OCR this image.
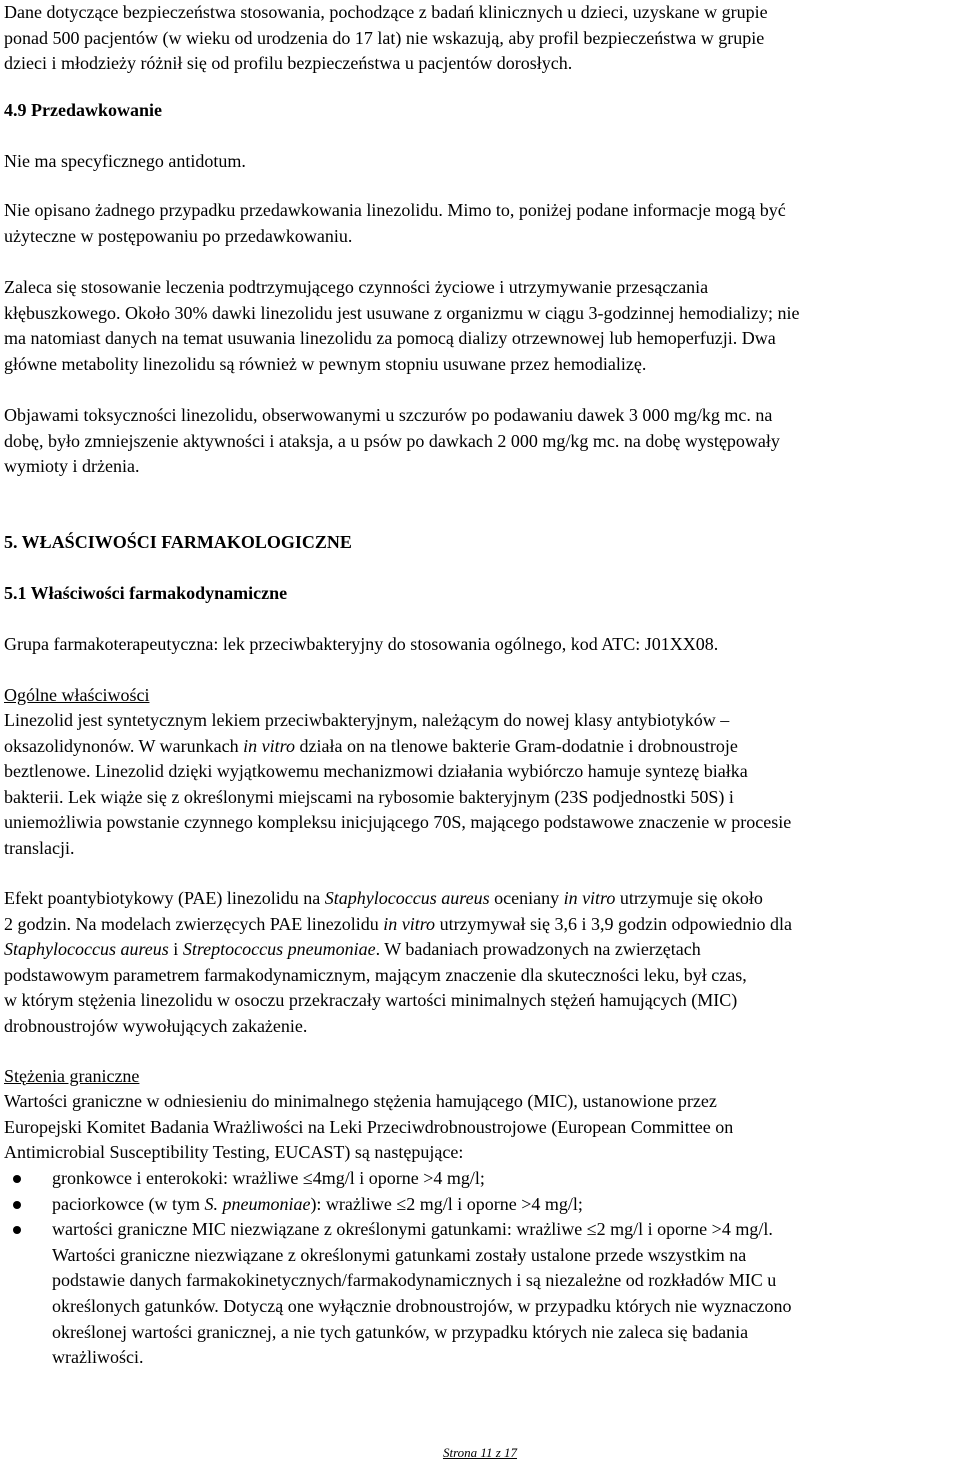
Dane dotyczące bezpieczeństwa stosowania, pochodzące z badań klinicznych u dzieci, uzyskane w grupie
ponad 500 pacjentów (w wieku od urodzenia do 17 lat) nie wskazują, aby profil bezpieczeństwa w grupie
dzieci i młodzieży różnił się od profilu bezpieczeństwa u pacjentów dorosłych.

4.9 Przedawkowanie

Nie ma specyficznego antidotum.

Nie opisano żadnego przypadku przedawkowania linezolidu. Mimo to, poniżej podane informacje mogą być
użyteczne w postępowaniu po przedawkowaniu.

Zaleca się stosowanie leczenia podtrzymującego czynności życiowe i utrzymywanie przesączania
kłębuszkowego. Około 30% dawki linezolidu jest usuwane z organizmu w ciągu 3-godzinnej hemodializy; nie
ma natomiast danych na temat usuwania linezolidu za pomocą dializy otrzewnowej lub hemoperfuzji. Dwa
główne metabolity linezolidu są również w pewnym stopniu usuwane przez hemodializę.

Objawami toksyczności linezolidu, obserwowanymi u szczurów po podawaniu dawek 3 000 mg/kg mc. na
dobę, było zmniejszenie aktywności i ataksja, a u psów po dawkach 2 000 mg/kg mc. na dobę występowały
wymioty i drżenia.

5. WŁAŚCIWOŚCI FARMAKOLOGICZNE

5.1 Właściwości farmakodynamiczne

Grupa farmakoterapeutyczna: lek przeciwbakteryjny do stosowania ogólnego, kod ATC: J01XX08.

Ogólne właściwości

Linezolid jest syntetycznym lekiem przeciwbakteryjnym, należącym do nowej klasy antybiotyków –
oksazolidynonów. W warunkach in vitro działa on na tlenowe bakterie Gram-dodatnie i drobnoustroje
beztlenowe. Linezolid dzięki wyjątkowemu mechanizmowi działania wybiórczo hamuje syntezę białka
bakterii. Lek wiąże się z określonymi miejscami na rybosomie bakteryjnym (23S podjednostki 50S) i
uniemożliwia powstanie czynnego kompleksu inicjującego 70S, mającego podstawowe znaczenie w procesie
translacji.

Efekt poantybiotykowy (PAE) linezolidu na Staphylococcus aureus oceniany in vitro utrzymuje się około
2 godzin. Na modelach zwierzęcych PAE linezolidu in vitro utrzymywał się 3,6 i 3,9 godzin odpowiednio dla
Staphylococcus aureus i Streptococcus pneumoniae. W badaniach prowadzonych na zwierzętach
podstawowym parametrem farmakodynamicznym, mającym znaczenie dla skuteczności leku, był czas,
w którym stężenia linezolidu w osoczu przekraczały wartości minimalnych stężeń hamujących (MIC)
drobnoustrojów wywołujących zakażenie.

Stężenia graniczne

Wartości graniczne w odniesieniu do minimalnego stężenia hamującego (MIC), ustanowione przez
Europejski Komitet Badania Wrażliwości na Leki Przeciwdrobnoustrojowe (European Committee on
Antimicrobial Susceptibility Testing, EUCAST) są następujące:

gronkowce i enterokoki: wrażliwe ≤4mg/l i oporne >4 mg/l;
paciorkowce (w tym S. pneumoniae): wrażliwe ≤2 mg/l i oporne >4 mg/l;
wartości graniczne MIC niezwiązane z określonymi gatunkami: wrażliwe ≤2 mg/l i oporne >4 mg/l.
Wartości graniczne niezwiązane z określonymi gatunkami zostały ustalone przede wszystkim na
podstawie danych farmakokinetycznych/farmakodynamicznych i są niezależne od rozkładów MIC u
określonych gatunków. Dotyczą one wyłącznie drobnoustrojów, w przypadku których nie wyznaczono
określonej wartości granicznej, a nie tych gatunków, w przypadku których nie zaleca się badania
wrażliwości.
Strona 11 z 17
